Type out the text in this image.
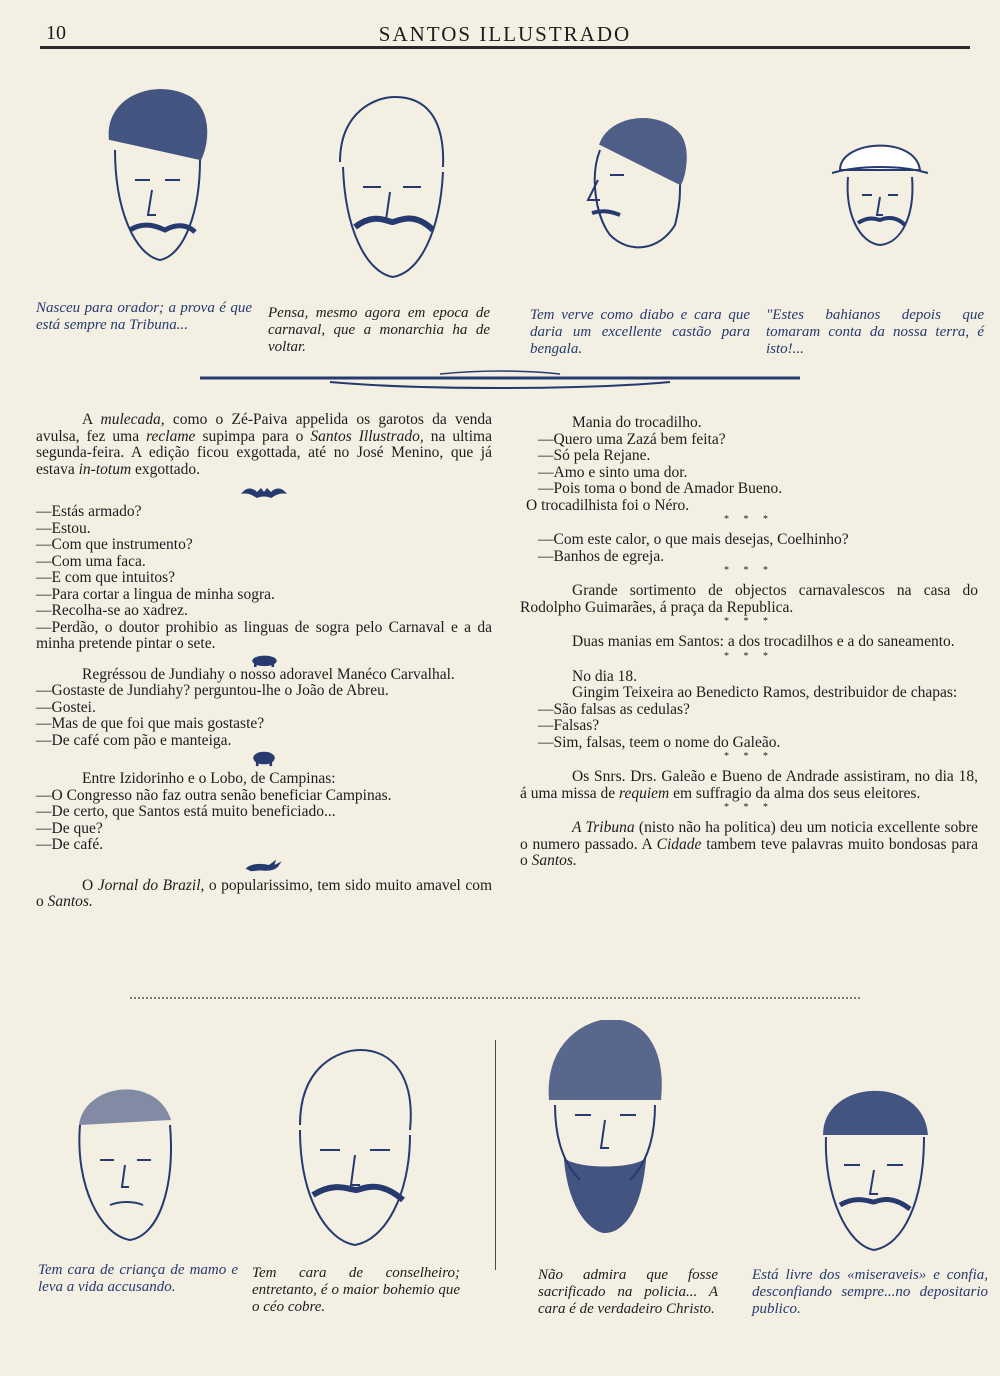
10	SANTOS ILLUSTRADO
Nasceu para orador; a prova é que está sempre na Tribuna...
Pensa, mesmo agora em epoca de carnaval, que a monarchia ha de voltar.
Tem verve como diabo e cara que daria um excellente castão para bengala.
"Estes bahianos depois que tomaram conta da nossa terra, é isto!...

A mulecada, como o Zé-Paiva appelida os garotos da venda avulsa, fez uma reclame supimpa para o Santos Illustrado, na ultima segunda-feira. A edição ficou exgottada, até no José Menino, que já estava in-totum exgottado.

—Estás armado?

—Estou.

—Com que instrumento?

—Com uma faca.

—E com que intuitos?

—Para cortar a lingua de minha sogra.

—Recolha-se ao xadrez.

—Perdão, o doutor prohibio as linguas de sogra pelo Carnaval e a da minha pretende pintar o sete.

Regréssou de Jundiahy o nosso adoravel Manéco Carvalhal.

—Gostaste de Jundiahy? perguntou-lhe o João de Abreu.

—Gostei.

—Mas de que foi que mais gostaste?

—De café com pão e manteiga.

Entre Izidorinho e o Lobo, de Campinas:

—O Congresso não faz outra senão beneficiar Campinas.

—De certo, que Santos está muito beneficiado...

—De que?

—De café.

O Jornal do Brazil, o popularissimo, tem sido muito amavel com o Santos.

Mania do trocadilho.

—Quero uma Zazá bem feita?

—Só pela Rejane.

—Amo e sinto uma dor.

—Pois toma o bond de Amador Bueno.

O trocadilhista foi o Néro.

* * *

—Com este calor, o que mais desejas, Coelhinho?

—Banhos de egreja.

* * *

Grande sortimento de objectos carnavalescos na casa do Rodolpho Guimarães, á praça da Republica.

* * *

Duas manias em Santos: a dos trocadilhos e a do saneamento.

* * *

No dia 18.

Gingim Teixeira ao Benedicto Ramos, destribuidor de chapas:

—São falsas as cedulas?

—Falsas?

—Sim, falsas, teem o nome do Galeão.

* * *

Os Snrs. Drs. Galeão e Bueno de Andrade assistiram, no dia 18, á uma missa de requiem em suffragio da alma dos seus eleitores.

* * *

A Tribuna (nisto não ha politica) deu um noticia excellente sobre o numero passado. A Cidade tambem teve palavras muito bondosas para o Santos.

Tem cara de criança de mamo e leva a vida accusando.
Tem cara de conselheiro; entretanto, é o maior bohemio que o céo cobre.
Não admira que fosse sacrificado na policia... A cara é de verdadeiro Christo.
Está livre dos «miseraveis» e confia, desconfiando sempre...no depositario publico.
